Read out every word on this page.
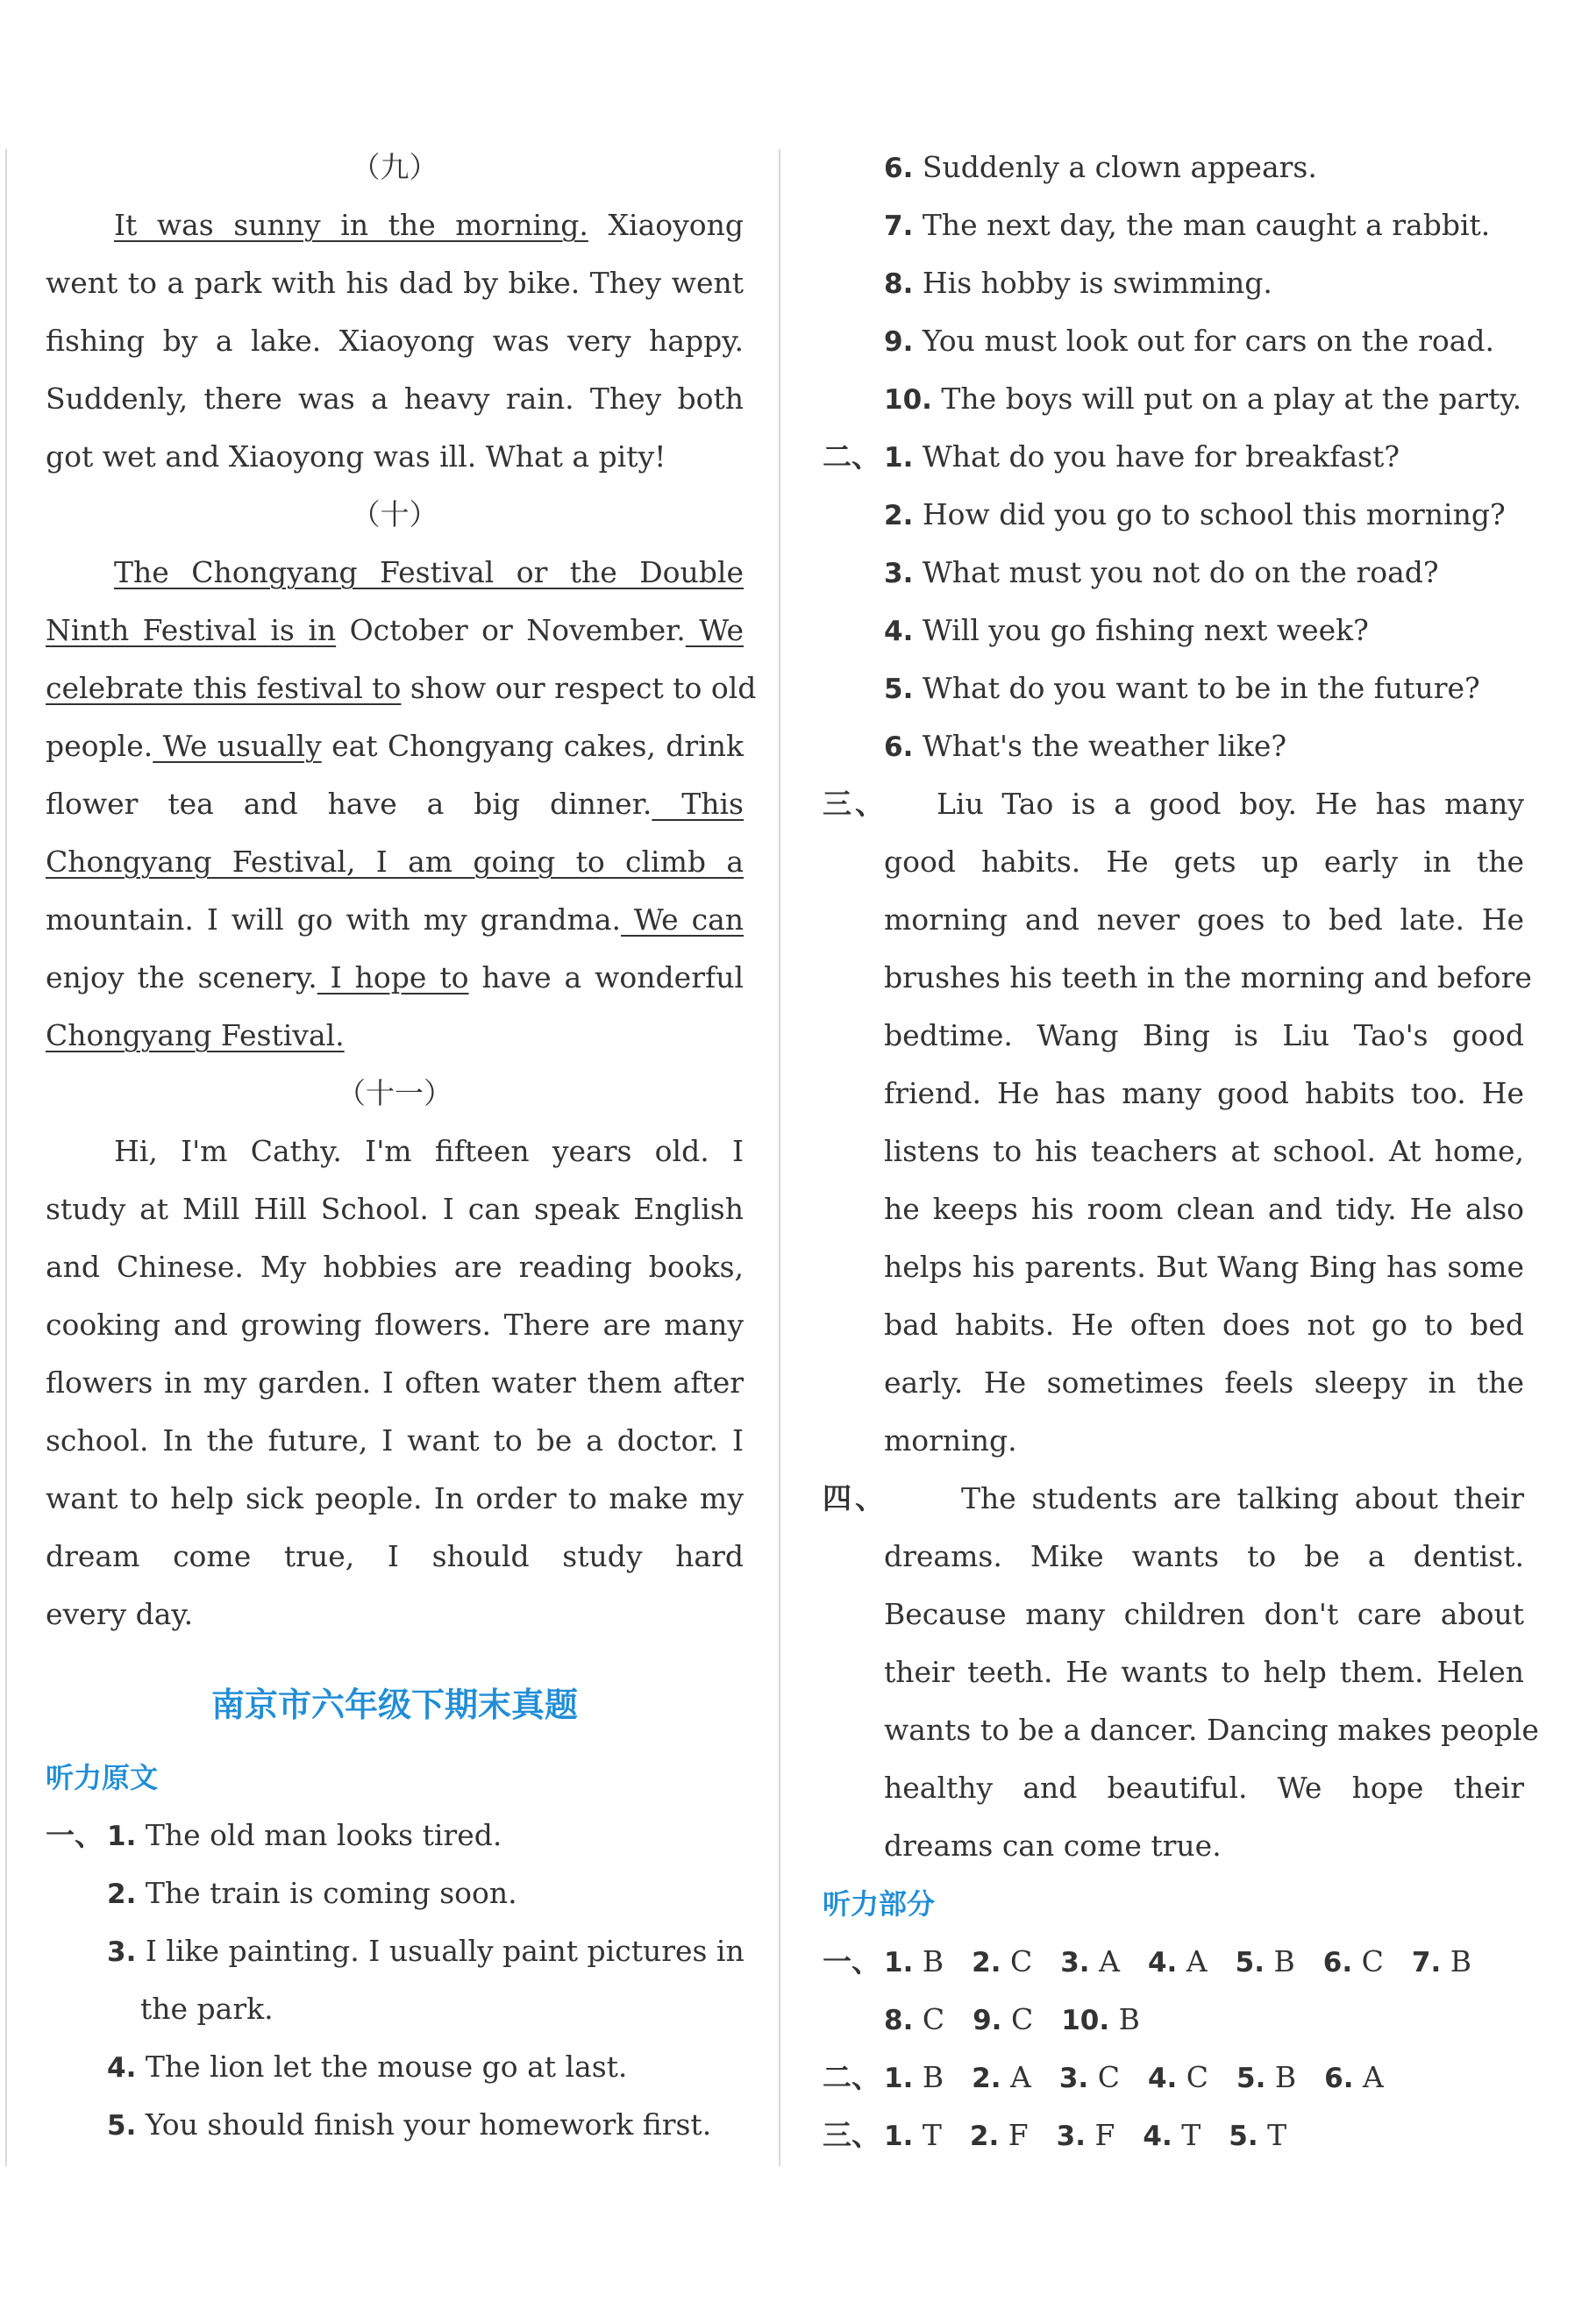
（九）
It was sunny in the morning. Xiaoyong
went to a park with his dad by bike. They went
fishing by a lake. Xiaoyong was very happy.
Suddenly, there was a heavy rain. They both
got wet and Xiaoyong was ill. What a pity!
（十）
The Chongyang Festival or the Double
Ninth Festival is in October or November. We
celebrate this festival to show our respect to old
people. We usually eat Chongyang cakes, drink
flower tea and have a big dinner. This
Chongyang Festival, I am going to climb a
mountain. I will go with my grandma. We can
enjoy the scenery. I hope to have a wonderful
Chongyang Festival.
（十一）
Hi, I'm Cathy. I'm fifteen years old. I
study at Mill Hill School. I can speak English
and Chinese. My hobbies are reading books,
cooking and growing flowers. There are many
flowers in my garden. I often water them after
school. In the future, I want to be a doctor. I
want to help sick people. In order to make my
dream come true, I should study hard
every day.
南京市六年级下期末真题
听力原文
一、 1. The old man looks tired.
2. The train is coming soon.
3. I like painting. I usually paint pictures in
the park.
4. The lion let the mouse go at last.
5. You should finish your homework first.
6. Suddenly a clown appears.
7. The next day, the man caught a rabbit.
8. His hobby is swimming.
9. You must look out for cars on the road.
10. The boys will put on a play at the party.
二、 1. What do you have for breakfast?
2. How did you go to school this morning?
3. What must you not do on the road?
4. Will you go fishing next week?
5. What do you want to be in the future?
6. What's the weather like?
三、 Liu Tao is a good boy. He has many
good habits. He gets up early in the
morning and never goes to bed late. He
brushes his teeth in the morning and before
bedtime. Wang Bing is Liu Tao's good
friend. He has many good habits too. He
listens to his teachers at school. At home,
he keeps his room clean and tidy. He also
helps his parents. But Wang Bing has some
bad habits. He often does not go to bed
early. He sometimes feels sleepy in the
morning.
四、	The students are talking about their
dreams. Mike wants to be a dentist.
Because many children don't care about
their teeth. He wants to help them. Helen
wants to be a dancer. Dancing makes people
healthy and beautiful. We hope their
dreams can come true.
听力部分
一、 1. B 2. C 3. A 4. A 5. B 6. C 7. B
8. C 9. C 10. B
二、 1. B 2. A 3. C 4. C 5. B 6. A
三、 1. T 2. F 3. F 4. T 5. T
